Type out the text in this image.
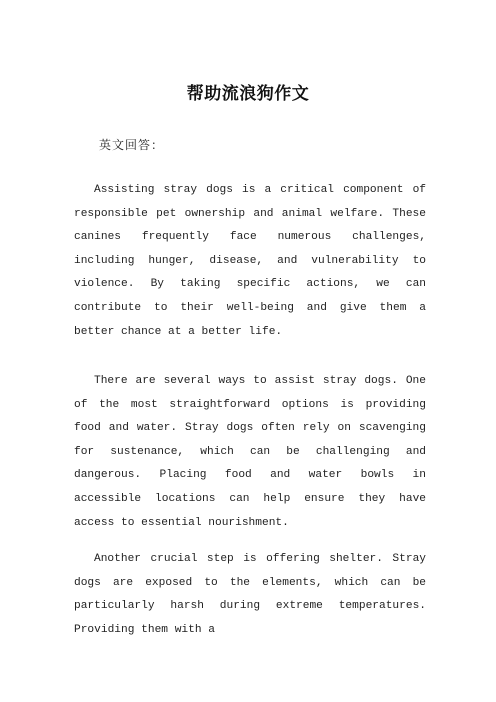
帮助流浪狗作文
英文回答：

Assisting stray dogs is a critical component of responsible pet ownership and animal welfare. These canines frequently face numerous challenges, including hunger, disease, and vulnerability to violence. By taking specific actions, we can contribute to their well-being and give them a better chance at a better life.

There are several ways to assist stray dogs. One of the most straightforward options is providing food and water. Stray dogs often rely on scavenging for sustenance, which can be challenging and dangerous. Placing food and water bowls in accessible locations can help ensure they have access to essential nourishment.

Another crucial step is offering shelter. Stray dogs are exposed to the elements, which can be particularly harsh during extreme temperatures. Providing them with a
